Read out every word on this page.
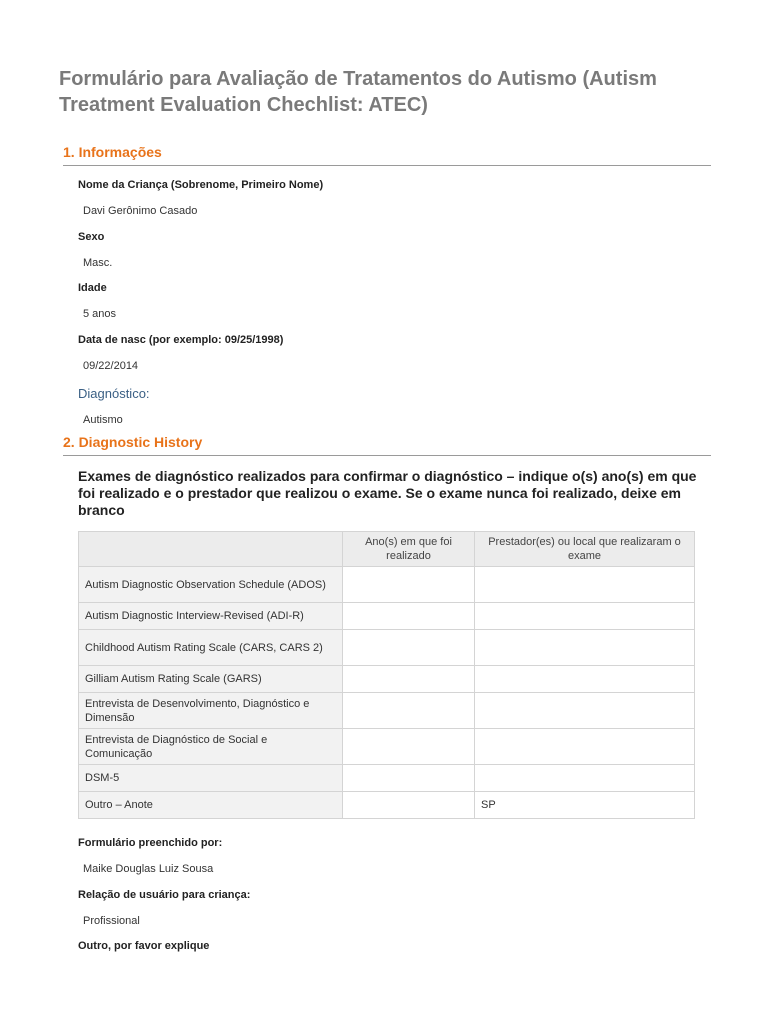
Formulário para Avaliação de Tratamentos do Autismo (Autism Treatment Evaluation Chechlist: ATEC)
1. Informações
Nome da Criança (Sobrenome, Primeiro Nome)
Davi Gerônimo Casado
Sexo
Masc.
Idade
5 anos
Data de nasc (por exemplo: 09/25/1998)
09/22/2014
Diagnóstico:
Autismo
2. Diagnostic History

Exames de diagnóstico realizados para confirmar o diagnóstico – indique o(s) ano(s) em que foi realizado e o prestador que realizou o exame. Se o exame nunca foi realizado, deixe em branco

	Ano(s) em que foi realizado	Prestador(es) ou local que realizaram o exame
Autism Diagnostic Observation Schedule (ADOS)		
Autism Diagnostic Interview-Revised (ADI-R)		
Childhood Autism Rating Scale (CARS, CARS 2)		
Gilliam Autism Rating Scale (GARS)		
Entrevista de Desenvolvimento, Diagnóstico e Dimensão		
Entrevista de Diagnóstico de Social e Comunicação		
DSM-5		
Outro – Anote		SP
Formulário preenchido por:
Maike Douglas Luiz Sousa
Relação de usuário para criança:
Profissional
Outro, por favor explique
